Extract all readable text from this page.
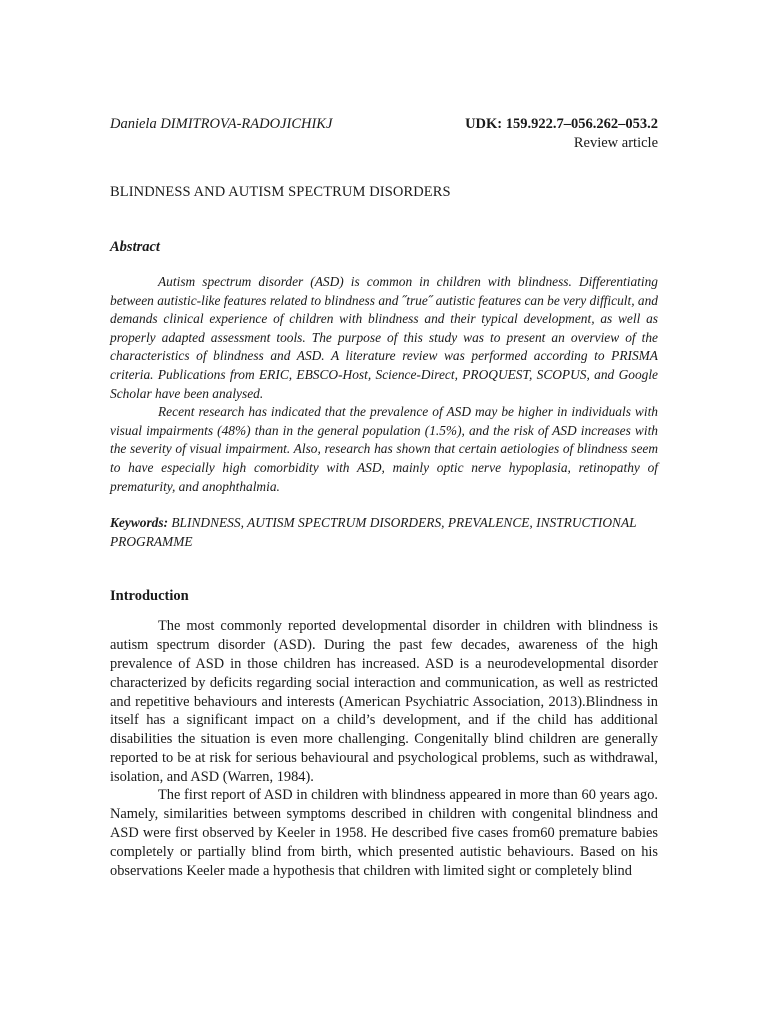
Daniela DIMITROVA-RADOJICHIKJ	UDK: 159.922.7–056.262–053.2
Review article
BLINDNESS AND AUTISM SPECTRUM DISORDERS
Abstract

Autism spectrum disorder (ASD) is common in children with blindness. Differentiating between autistic-like features related to blindness and ˝true˝ autistic features can be very difficult, and demands clinical experience of children with blindness and their typical development, as well as properly adapted assessment tools. The purpose of this study was to present an overview of the characteristics of blindness and ASD. A literature review was performed according to PRISMA criteria. Publications from ERIC, EBSCO-Host, Science-Direct, PROQUEST, SCOPUS, and Google Scholar have been analysed.

Recent research has indicated that the prevalence of ASD may be higher in individuals with visual impairments (48%) than in the general population (1.5%), and the risk of ASD increases with the severity of visual impairment. Also, research has shown that certain aetiologies of blindness seem to have especially high comorbidity with ASD, mainly optic nerve hypoplasia, retinopathy of prematurity, and anophthalmia.

Keywords: BLINDNESS, AUTISM SPECTRUM DISORDERS, PREVALENCE, INSTRUCTIONAL PROGRAMME
Introduction

The most commonly reported developmental disorder in children with blindness is autism spectrum disorder (ASD). During the past few decades, awareness of the high prevalence of ASD in those children has increased. ASD is a neurodevelopmental disorder characterized by deficits regarding social interaction and communication, as well as restricted and repetitive behaviours and interests (American Psychiatric Association, 2013).Blindness in itself has a significant impact on a child’s development, and if the child has additional disabilities the situation is even more challenging. Congenitally blind children are generally reported to be at risk for serious behavioural and psychological problems, such as withdrawal, isolation, and ASD (Warren, 1984).

The first report of ASD in children with blindness appeared in more than 60 years ago. Namely, similarities between symptoms described in children with congenital blindness and ASD were first observed by Keeler in 1958. He described five cases from60 premature babies completely or partially blind from birth, which presented autistic behaviours. Based on his observations Keeler made a hypothesis that children with limited sight or completely blind
